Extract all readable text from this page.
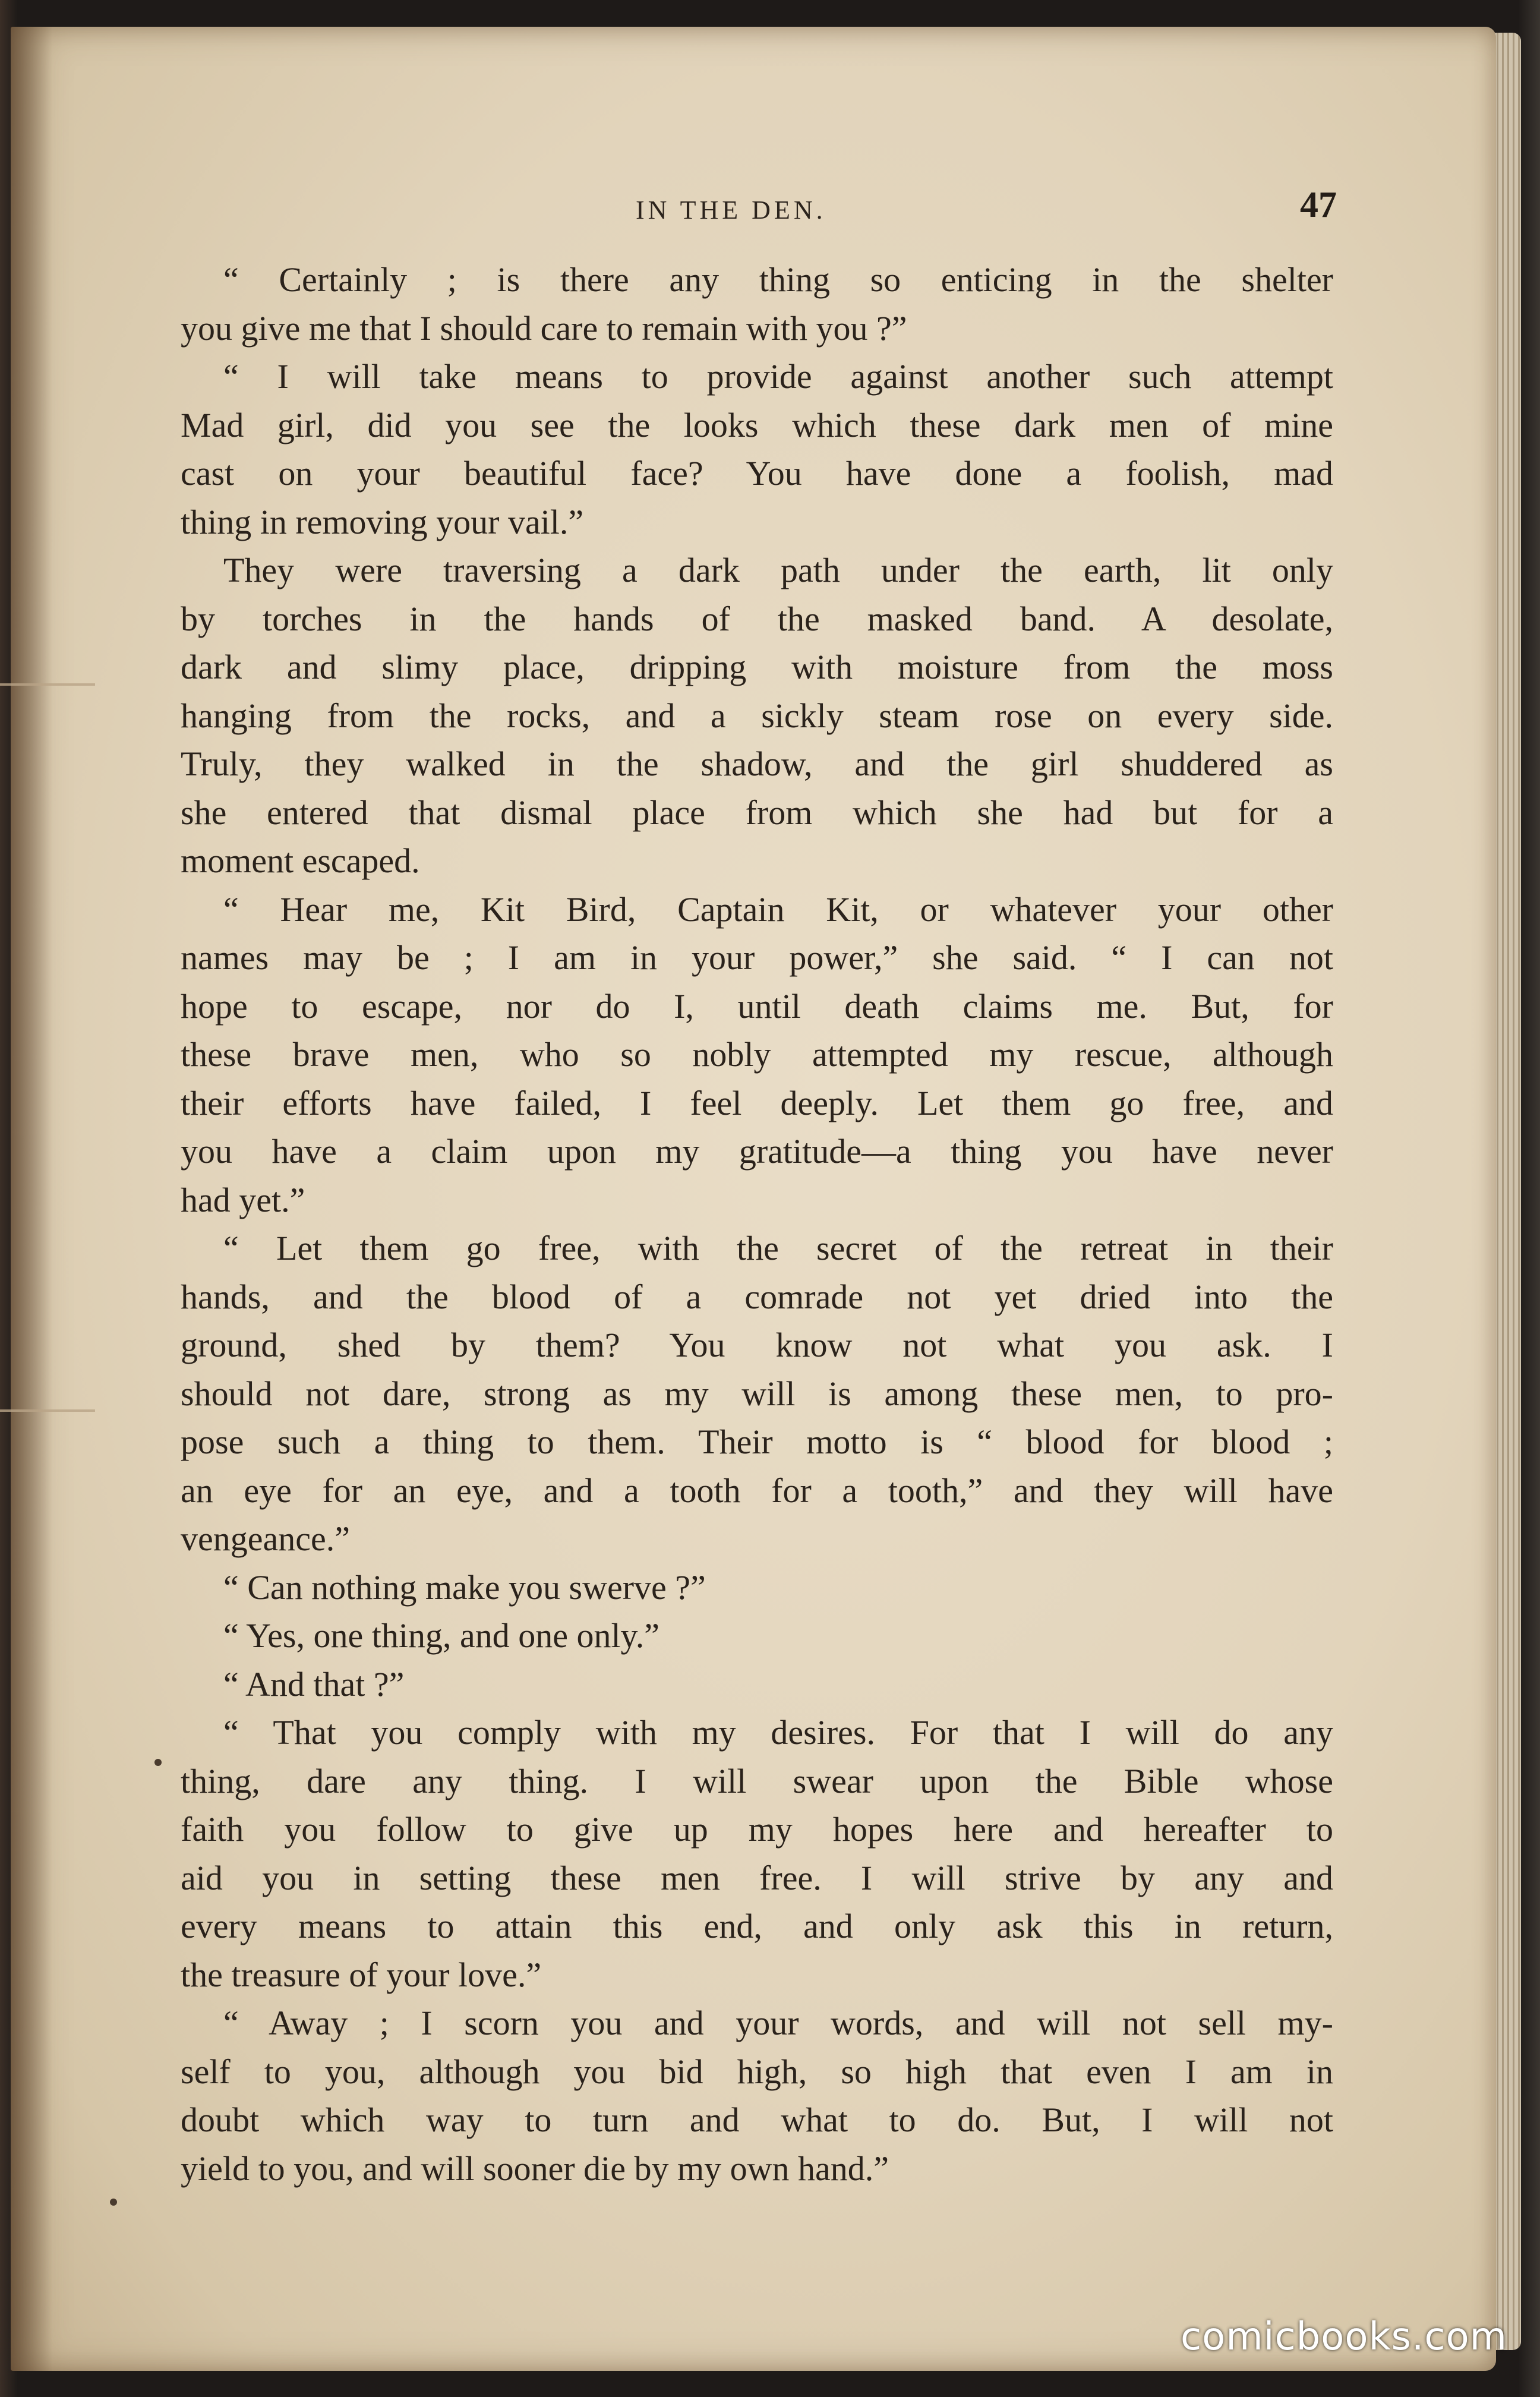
IN THE DEN.	47
“ Certainly ; is there any thing so enticing in the shelter
you give me that I should care to remain with you ?”
“ I will take means to provide against another such attempt
Mad girl, did you see the looks which these dark men of mine
cast on your beautiful face? You have done a foolish, mad
thing in removing your vail.”
They were traversing a dark path under the earth, lit only
by torches in the hands of the masked band. A desolate,
dark and slimy place, dripping with moisture from the moss
hanging from the rocks, and a sickly steam rose on every side.
Truly, they walked in the shadow, and the girl shuddered as
she entered that dismal place from which she had but for a
moment escaped.
“ Hear me, Kit Bird, Captain Kit, or whatever your other
names may be ; I am in your power,” she said. “ I can not
hope to escape, nor do I, until death claims me. But, for
these brave men, who so nobly attempted my rescue, although
their efforts have failed, I feel deeply. Let them go free, and
you have a claim upon my gratitude—a thing you have never
had yet.”
“ Let them go free, with the secret of the retreat in their
hands, and the blood of a comrade not yet dried into the
ground, shed by them? You know not what you ask. I
should not dare, strong as my will is among these men, to pro-
pose such a thing to them. Their motto is “ blood for blood ;
an eye for an eye, and a tooth for a tooth,” and they will have
vengeance.”
“ Can nothing make you swerve ?”
“ Yes, one thing, and one only.”
“ And that ?”
“ That you comply with my desires. For that I will do any
thing, dare any thing. I will swear upon the Bible whose
faith you follow to give up my hopes here and hereafter to
aid you in setting these men free. I will strive by any and
every means to attain this end, and only ask this in return,
the treasure of your love.”
“ Away ; I scorn you and your words, and will not sell my-
self to you, although you bid high, so high that even I am in
doubt which way to turn and what to do. But, I will not
yield to you, and will sooner die by my own hand.”
comicbooks.com
